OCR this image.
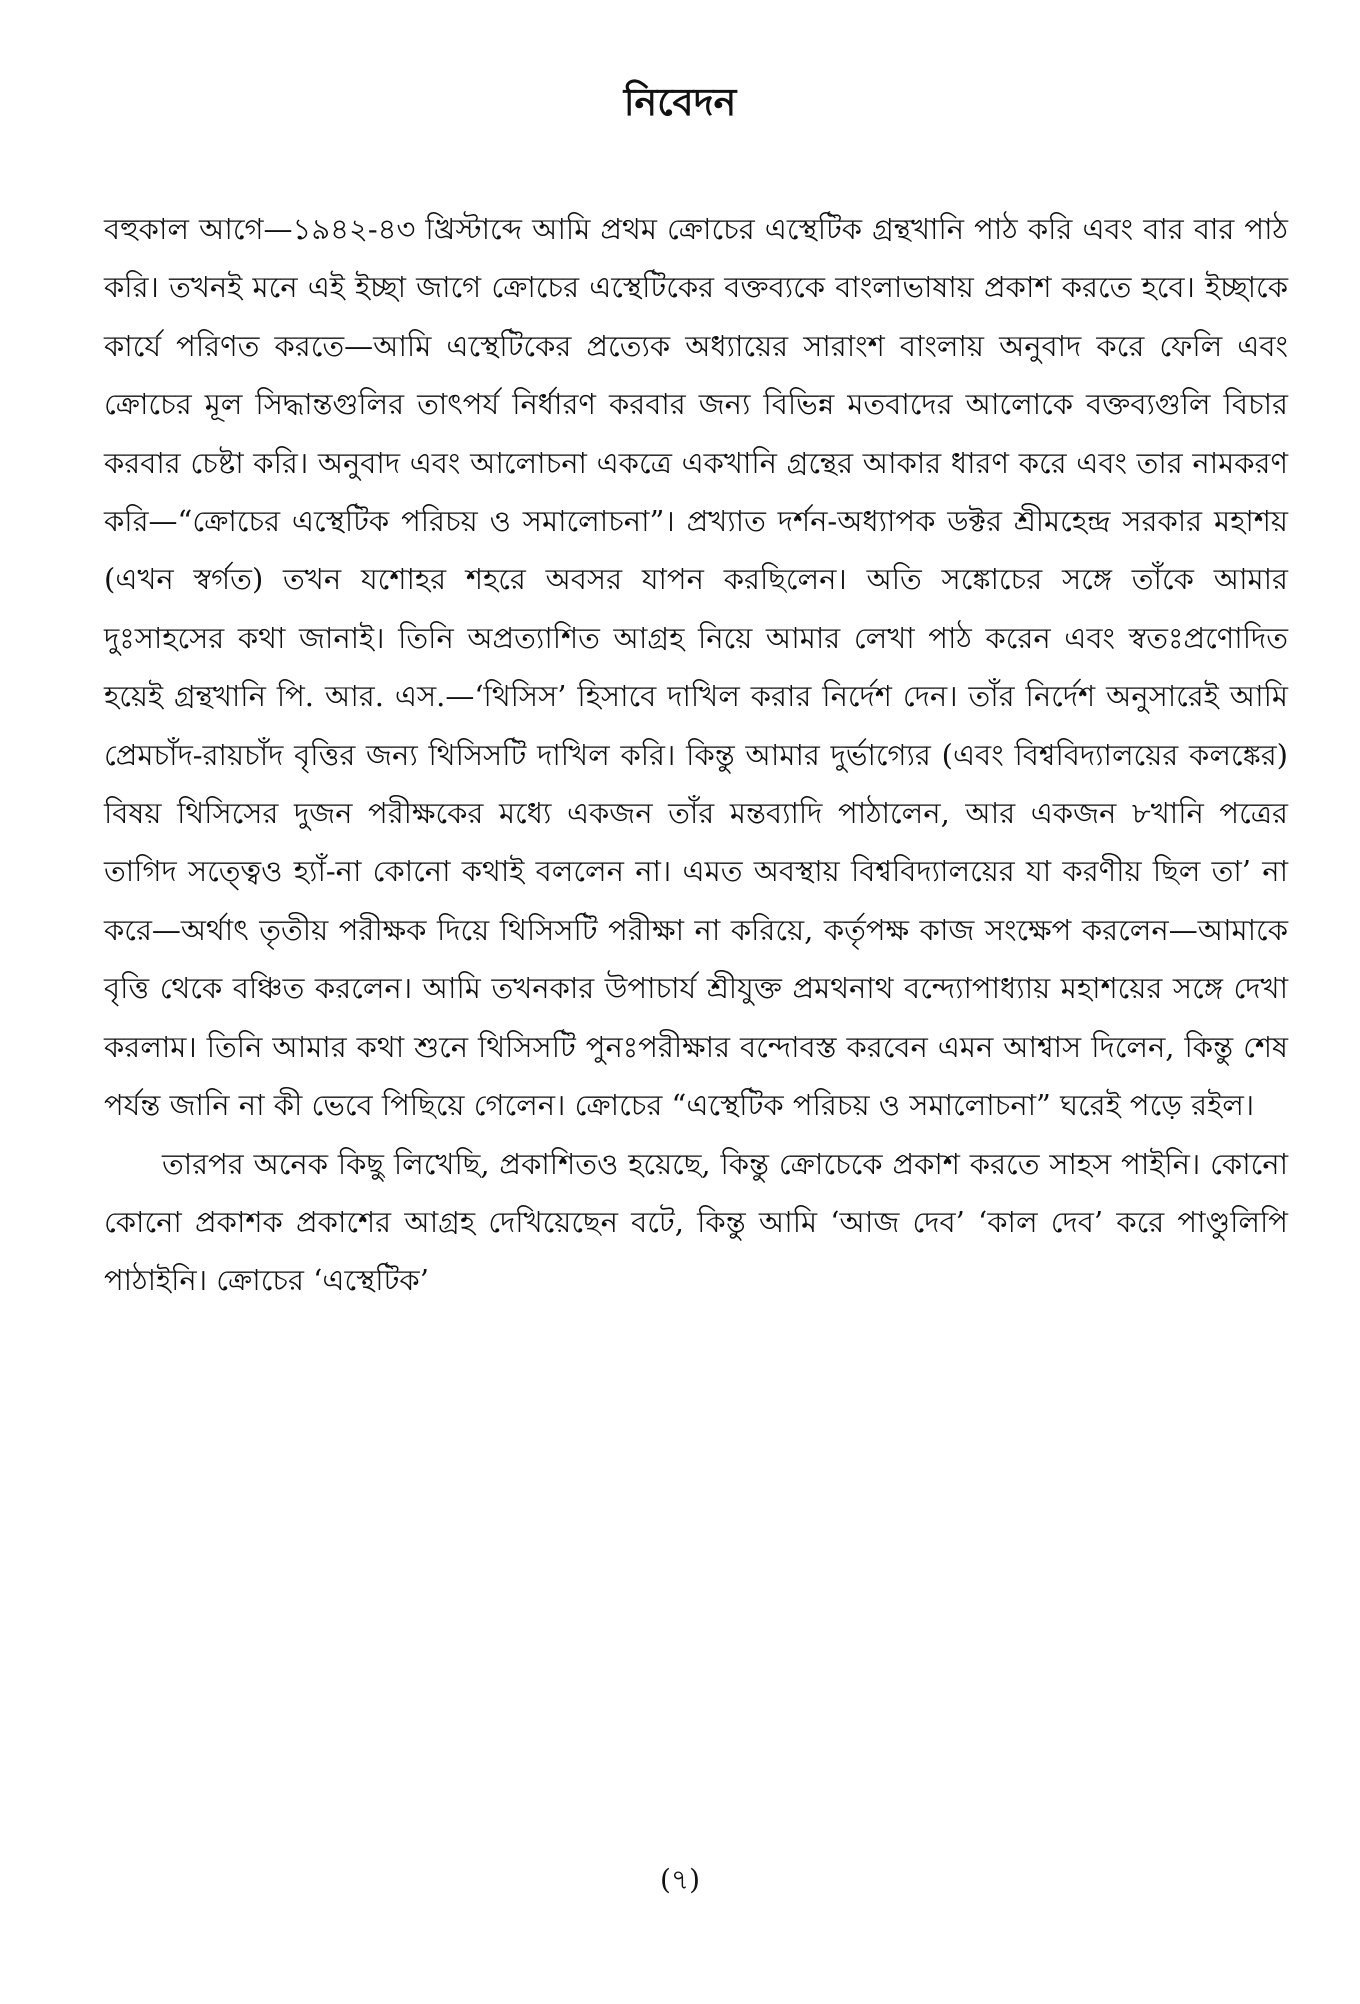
নিবেদন

বহুকাল আগে—১৯৪২-৪৩ খ্রিস্টাব্দে আমি প্রথম ক্রোচের এস্থেটিক গ্রন্থখানি পাঠ করি এবং বার বার পাঠ করি। তখনই মনে এই ইচ্ছা জাগে ক্রোচের এস্থেটিকের বক্তব্যকে বাংলাভাষায় প্রকাশ করতে হবে। ইচ্ছাকে কার্যে পরিণত করতে—আমি এস্থেটিকের প্রত্যেক অধ্যায়ের সারাংশ বাংলায় অনুবাদ করে ফেলি এবং ক্রোচের মূল সিদ্ধান্তগুলির তাৎপর্য নির্ধারণ করবার জন্য বিভিন্ন মতবাদের আলোকে বক্তব্যগুলি বিচার করবার চেষ্টা করি। অনুবাদ এবং আলোচনা একত্রে একখানি গ্রন্থের আকার ধারণ করে এবং তার নামকরণ করি—“ক্রোচের এস্থেটিক পরিচয় ও সমালোচনা”। প্রখ্যাত দর্শন-অধ্যাপক ডক্টর শ্রীমহেন্দ্র সরকার মহাশয় (এখন স্বর্গত) তখন যশোহর শহরে অবসর যাপন করছিলেন। অতি সঙ্কোচের সঙ্গে তাঁকে আমার দুঃসাহসের কথা জানাই। তিনি অপ্রত্যাশিত আগ্রহ নিয়ে আমার লেখা পাঠ করেন এবং স্বতঃপ্রণোদিত হয়েই গ্রন্থখানি পি. আর. এস.—‘থিসিস’ হিসাবে দাখিল করার নির্দেশ দেন। তাঁর নির্দেশ অনুসারেই আমি প্রেমচাঁদ-রায়চাঁদ বৃত্তির জন্য থিসিসটি দাখিল করি। কিন্তু আমার দুর্ভাগ্যের (এবং বিশ্ববিদ্যালয়ের কলঙ্কের) বিষয় থিসিসের দুজন পরীক্ষকের মধ্যে একজন তাঁর মন্তব্যাদি পাঠালেন, আর একজন ৮খানি পত্রের তাগিদ সত্ত্বেও হ্যাঁ-না কোনো কথাই বললেন না। এমত অবস্থায় বিশ্ববিদ্যালয়ের যা করণীয় ছিল তা’ না করে—অর্থাৎ তৃতীয় পরীক্ষক দিয়ে থিসিসটি পরীক্ষা না করিয়ে, কর্তৃপক্ষ কাজ সংক্ষেপ করলেন—আমাকে বৃত্তি থেকে বঞ্চিত করলেন। আমি তখনকার উপাচার্য শ্রীযুক্ত প্রমথনাথ বন্দ্যোপাধ্যায় মহাশয়ের সঙ্গে দেখা করলাম। তিনি আমার কথা শুনে থিসিসটি পুনঃপরীক্ষার বন্দোবস্ত করবেন এমন আশ্বাস দিলেন, কিন্তু শেষ পর্যন্ত জানি না কী ভেবে পিছিয়ে গেলেন। ক্রোচের “এস্থেটিক পরিচয় ও সমালোচনা” ঘরেই পড়ে রইল।

তারপর অনেক কিছু লিখেছি, প্রকাশিতও হয়েছে, কিন্তু ক্রোচেকে প্রকাশ করতে সাহস পাইনি। কোনো কোনো প্রকাশক প্রকাশের আগ্রহ দেখিয়েছেন বটে, কিন্তু আমি ‘আজ দেব’ ‘কাল দেব’ করে পাণ্ডুলিপি পাঠাইনি। ক্রোচের ‘এস্থেটিক’

(৭)
